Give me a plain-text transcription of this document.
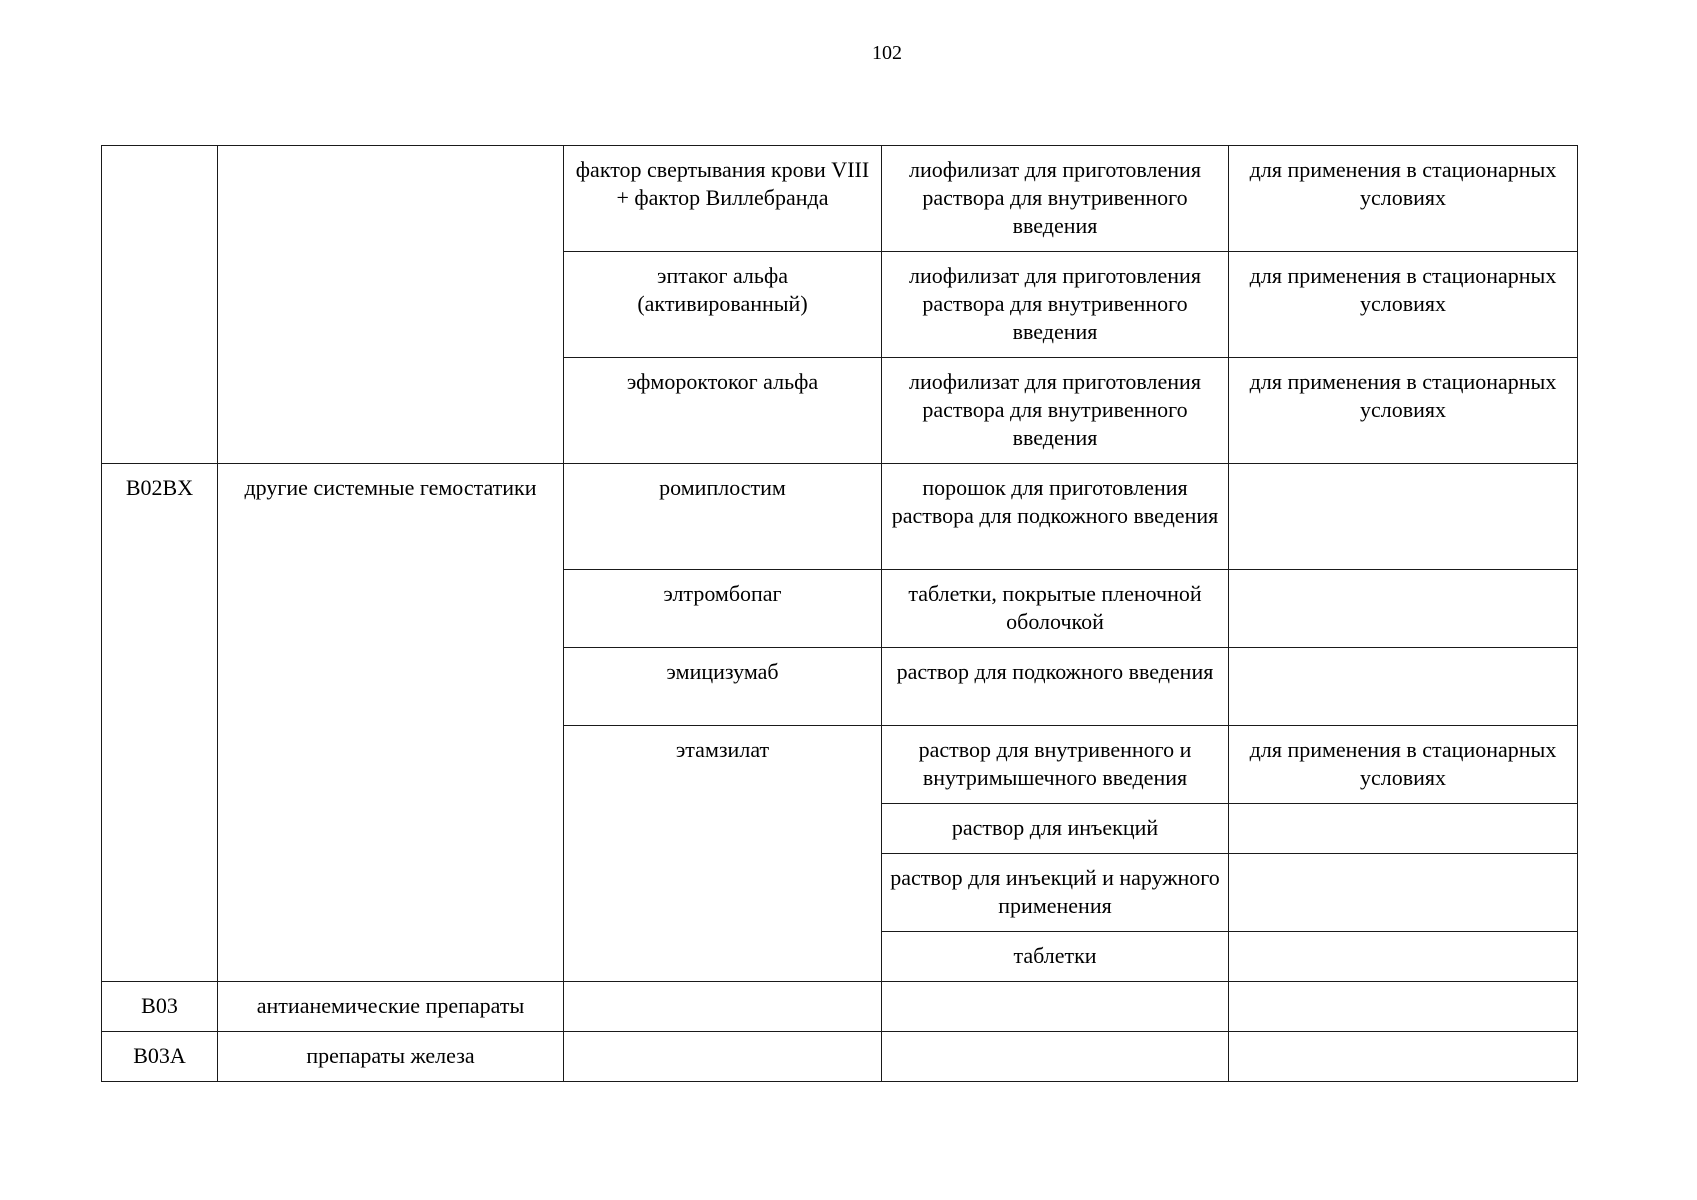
102
		фактор свертывания крови VIII + фактор Виллебранда	лиофилизат для приготовления раствора для внутривенного введения	для применения в стационарных условиях
		эптаког альфа (активированный)	лиофилизат для приготовления раствора для внутривенного введения	для применения в стационарных условиях
		эфмороктоког альфа	лиофилизат для приготовления раствора для внутривенного введения	для применения в стационарных условиях
B02BX	другие системные гемостатики	ромиплостим	порошок для приготовления раствора для подкожного введения	
		элтромбопаг	таблетки, покрытые пленочной оболочкой	
		эмицизумаб	раствор для подкожного введения	
		этамзилат	раствор для внутривенного и внутримышечного введения	для применения в стационарных условиях
			раствор для инъекций	
			раствор для инъекций и наружного применения	
			таблетки	
B03	антианемические препараты			
B03A	препараты железа			
